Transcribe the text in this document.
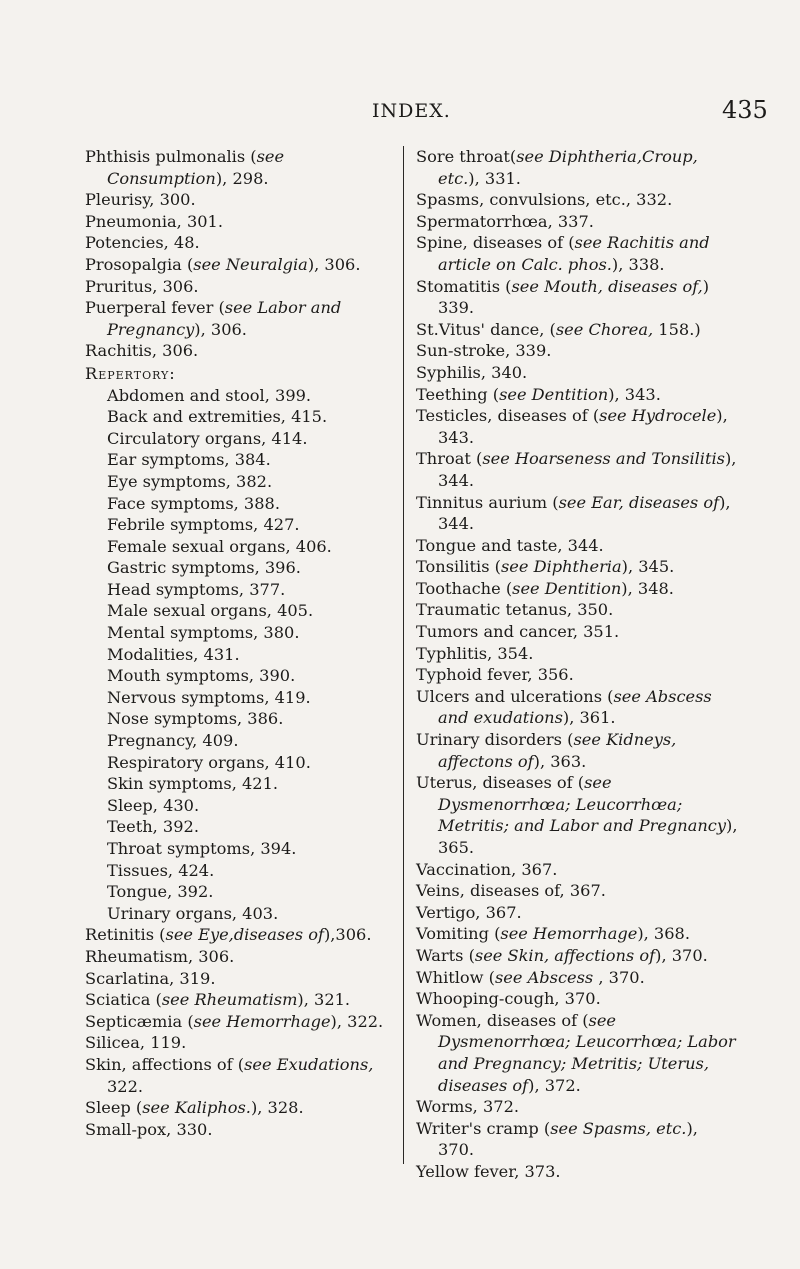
INDEX.	435
Phthisis pulmonalis (see Consumption), 298.
Pleurisy, 300.
Pneumonia, 301.
Potencies, 48.
Prosopalgia (see Neuralgia), 306.
Pruritus, 306.
Puerperal fever (see Labor and Pregnancy), 306.
Rachitis, 306.
Repertory:
Abdomen and stool, 399.
Back and extremities, 415.
Circulatory organs, 414.
Ear symptoms, 384.
Eye symptoms, 382.
Face symptoms, 388.
Febrile symptoms, 427.
Female sexual organs, 406.
Gastric symptoms, 396.
Head symptoms, 377.
Male sexual organs, 405.
Mental symptoms, 380.
Modalities, 431.
Mouth symptoms, 390.
Nervous symptoms, 419.
Nose symptoms, 386.
Pregnancy, 409.
Respiratory organs, 410.
Skin symptoms, 421.
Sleep, 430.
Teeth, 392.
Throat symptoms, 394.
Tissues, 424.
Tongue, 392.
Urinary organs, 403.
Retinitis (see Eye,diseases of),306.
Rheumatism, 306.
Scarlatina, 319.
Sciatica (see Rheumatism), 321.
Septicæmia (see Hemorrhage), 322.
Silicea, 119.
Skin, affections of (see Exudations, 322.
Sleep (see Kaliphos.), 328.
Small-pox, 330.
Sore throat(see Diphtheria,Croup, etc.), 331.
Spasms, convulsions, etc., 332.
Spermatorrhœa, 337.
Spine, diseases of (see Rachitis and article on Calc. phos.), 338.
Stomatitis (see Mouth, diseases of,) 339.
St.Vitus' dance, (see Chorea, 158.)
Sun-stroke, 339.
Syphilis, 340.
Teething (see Dentition), 343.
Testicles, diseases of (see Hydrocele), 343.
Throat (see Hoarseness and Tonsilitis), 344.
Tinnitus aurium (see Ear, diseases of), 344.
Tongue and taste, 344.
Tonsilitis (see Diphtheria), 345.
Toothache (see Dentition), 348.
Traumatic tetanus, 350.
Tumors and cancer, 351.
Typhlitis, 354.
Typhoid fever, 356.
Ulcers and ulcerations (see Abscess and exudations), 361.
Urinary disorders (see Kidneys, affectons of), 363.
Uterus, diseases of (see Dysmenorrhœa; Leucorrhœa; Metritis; and Labor and Pregnancy), 365.
Vaccination, 367.
Veins, diseases of, 367.
Vertigo, 367.
Vomiting (see Hemorrhage), 368.
Warts (see Skin, affections of), 370.
Whitlow (see Abscess , 370.
Whooping-cough, 370.
Women, diseases of (see Dysmenorrhœa; Leucorrhœa; Labor and Pregnancy; Metritis; Uterus, diseases of), 372.
Worms, 372.
Writer's cramp (see Spasms, etc.), 370.
Yellow fever, 373.
